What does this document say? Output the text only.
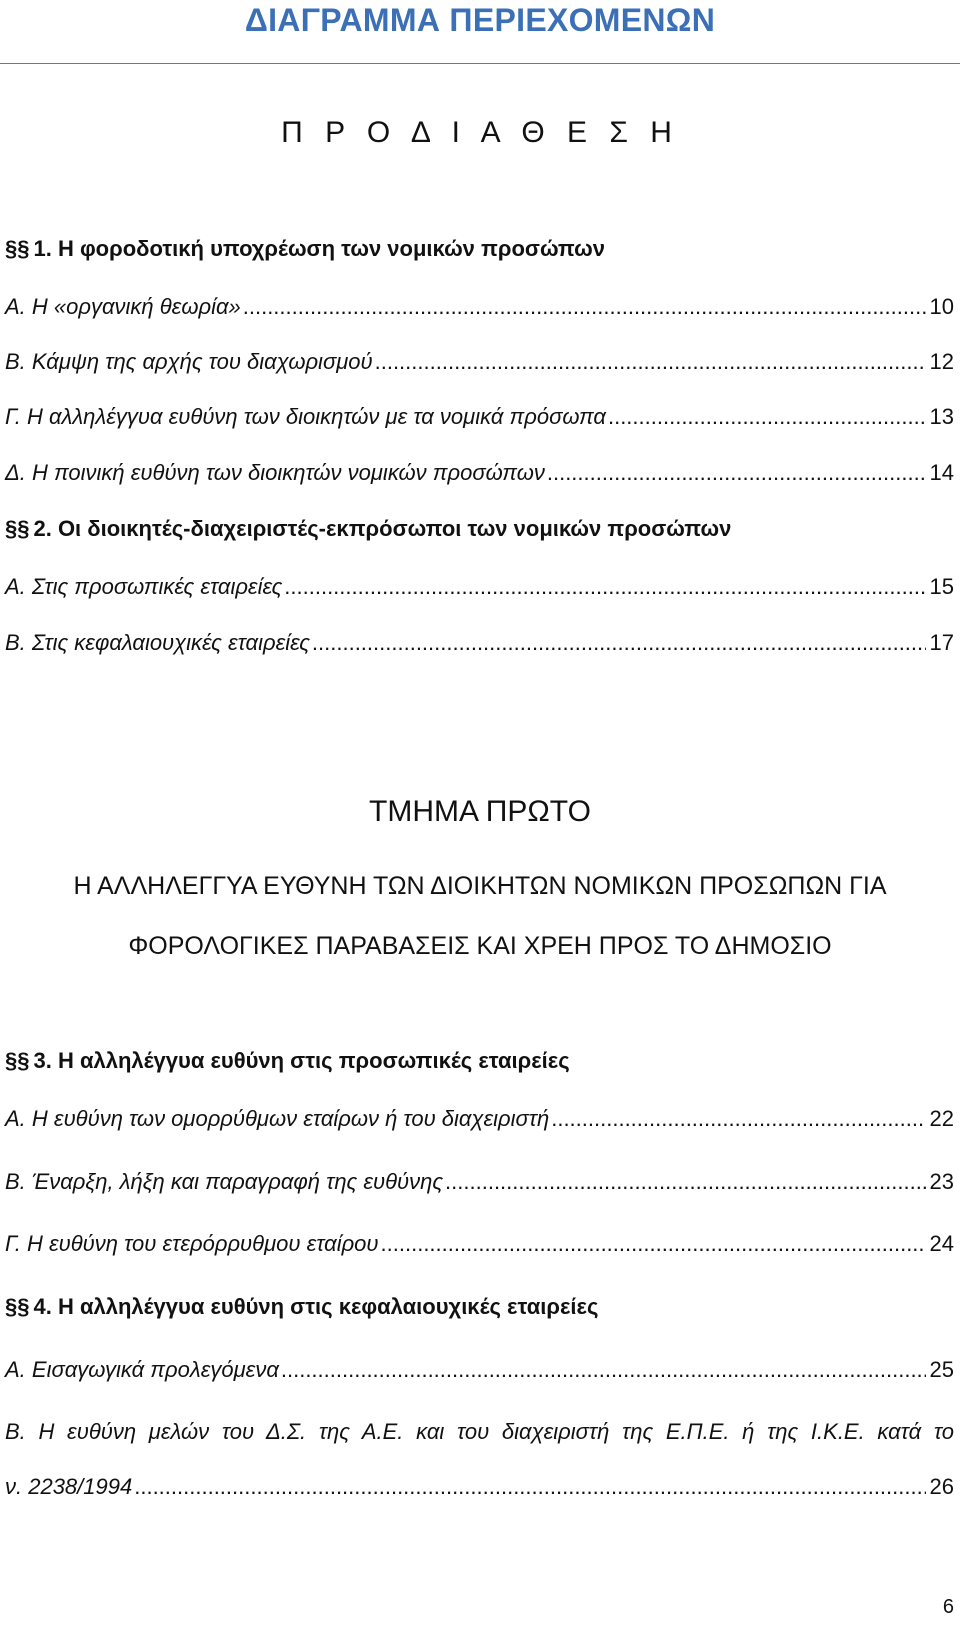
ΔΙΑΓΡΑΜΜΑ ΠΕΡΙΕΧΟΜΕΝΩΝ
Π Ρ Ο Δ Ι Α Θ Ε Σ Η
§§ 1. Η φοροδοτική υποχρέωση των νομικών προσώπων
Α. Η «οργανική θεωρία» .....	10
Β. Κάμψη της αρχής του διαχωρισμού .....	12
Γ. Η αλληλέγγυα ευθύνη των διοικητών με τα νομικά πρόσωπα .....	13
Δ. Η ποινική ευθύνη των διοικητών νομικών προσώπων .....	14
§§ 2. Οι διοικητές-διαχειριστές-εκπρόσωποι των νομικών προσώπων
Α. Στις προσωπικές εταιρείες .....	15
Β. Στις κεφαλαιουχικές εταιρείες .....	17
ΤΜΗΜΑ ΠΡΩΤΟ
Η ΑΛΛΗΛΕΓΓΥΑ ΕΥΘΥΝΗ ΤΩΝ ΔΙΟΙΚΗΤΩΝ ΝΟΜΙΚΩΝ ΠΡΟΣΩΠΩΝ ΓΙΑ
ΦΟΡΟΛΟΓΙΚΕΣ ΠΑΡΑΒΑΣΕΙΣ ΚΑΙ ΧΡΕΗ ΠΡΟΣ ΤΟ ΔΗΜΟΣΙΟ
§§ 3. Η αλληλέγγυα ευθύνη στις προσωπικές εταιρείες
Α. Η ευθύνη των ομορρύθμων εταίρων ή του διαχειριστή .....	22
Β. Έναρξη, λήξη και παραγραφή της ευθύνης .....	23
Γ. Η ευθύνη του ετερόρρυθμου εταίρου .....	24
§§ 4. Η αλληλέγγυα ευθύνη στις κεφαλαιουχικές εταιρείες
Α. Εισαγωγικά προλεγόμενα .....	25
Β. Η ευθύνη μελών του Δ.Σ. της Α.Ε. και του διαχειριστή της Ε.Π.Ε. ή της Ι.Κ.Ε. κατά το
ν. 2238/1994 .....	26
6
